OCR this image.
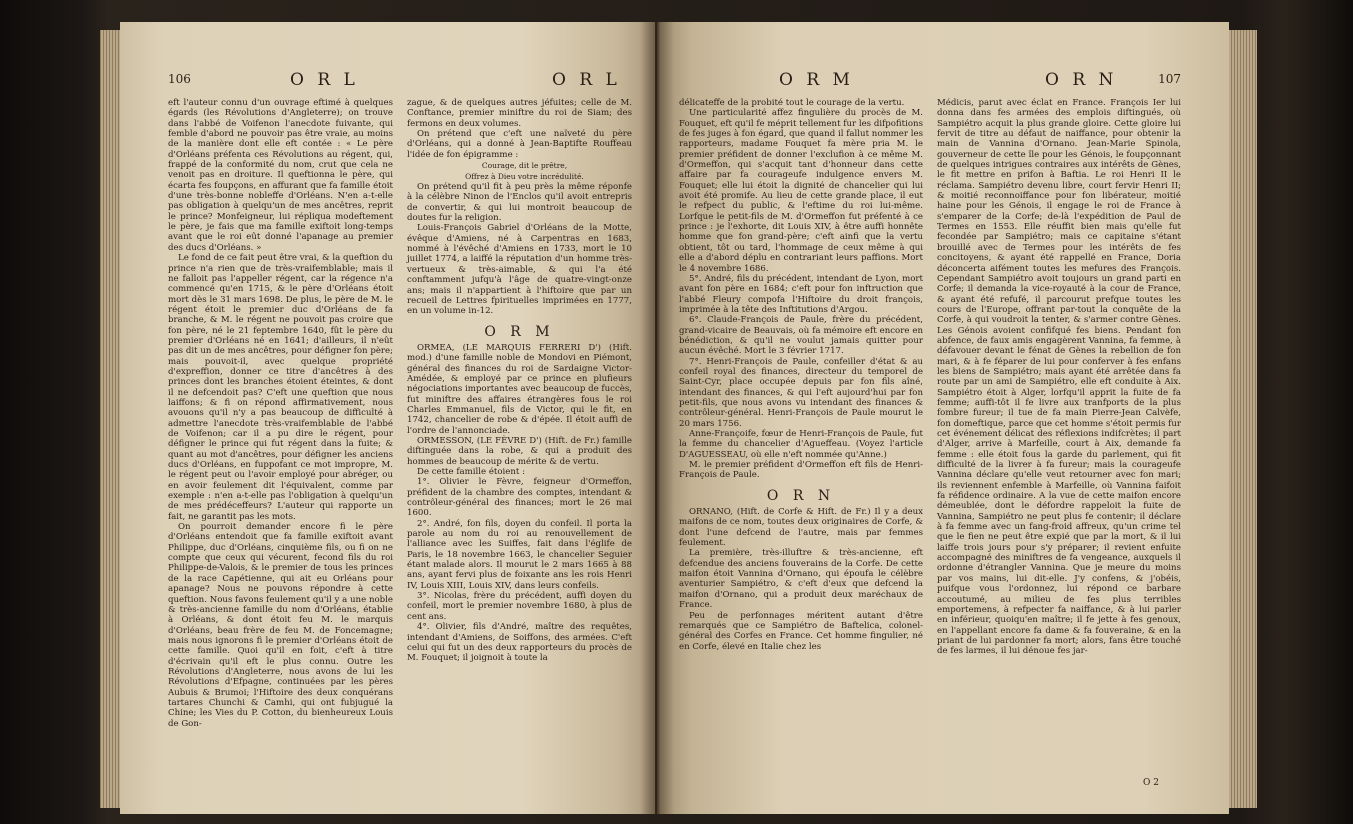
106	O R L	O R L

eft l'auteur connu d'un ouvrage eftimé à quelques égards (les Révolutions d'Angleterre); on trouve dans l'abbé de Voifenon l'anecdote fuivante, qui femble d'abord ne pouvoir pas être vraie, au moins de la manière dont elle eft contée : « Le père d'Orléans préfenta ces Révolutions au régent, qui, frappé de la conformité du nom, crut que cela ne venoit pas en droiture. Il queftionna le père, qui écarta fes foupçons, en affurant que fa famille étoit d'une très-bonne nobleffe d'Orléans. N'en a-t-elle pas obligation à quelqu'un de mes ancêtres, reprit le prince? Monfeigneur, lui répliqua modeftement le père, je fais que ma famille exiftoit long-temps avant que le roi eût donné l'apanage au premier des ducs d'Orléans. »

Le fond de ce fait peut être vrai, & la queftion du prince n'a rien que de très-vraifemblable; mais il ne falloit pas l'appeller régent, car la régence n'a commencé qu'en 1715, & le père d'Orléans étoit mort dès le 31 mars 1698. De plus, le père de M. le régent étoit le premier duc d'Orléans de fa branche, & M. le régent ne pouvoit pas croire que fon père, né le 21 feptembre 1640, fût le père du premier d'Orléans né en 1641; d'ailleurs, il n'eût pas dit un de mes ancêtres, pour défigner fon père; mais pouvoit-il, avec quelque propriété d'expreffion, donner ce titre d'ancêtres à des princes dont les branches étoient éteintes, & dont il ne defcendoit pas? C'eft une queftion que nous laiffons; & fi on répond affirmativement, nous avouons qu'il n'y a pas beaucoup de difficulté à admettre l'anecdote très-vraifemblable de l'abbé de Voifenon; car il a pu dire le régent, pour défigner le prince qui fut régent dans la fuite; & quant au mot d'ancêtres, pour défigner les anciens ducs d'Orléans, en fuppofant ce mot impropre, M. le régent peut ou l'avoir employé pour abréger, ou en avoir feulement dit l'équivalent, comme par exemple : n'en a-t-elle pas l'obligation à quelqu'un de mes prédéceffeurs? L'auteur qui rapporte un fait, ne garantit pas les mots.

On pourroit demander encore fi le père d'Orléans entendoit que fa famille exiftoit avant Philippe, duc d'Orléans, cinquième fils, ou fi on ne compte que ceux qui vécurent, fecond fils du roi Philippe-de-Valois, & le premier de tous les princes de la race Capétienne, qui ait eu Orléans pour apanage? Nous ne pouvons répondre à cette queftion. Nous favons feulement qu'il y a une noble & très-ancienne famille du nom d'Orléans, établie à Orléans, & dont étoit feu M. le marquis d'Orléans, beau frère de feu M. de Foncemagne; mais nous ignorons fi le premier d'Orléans étoit de cette famille. Quoi qu'il en foit, c'eft à titre d'écrivain qu'il eft le plus connu. Outre les Révolutions d'Angleterre, nous avons de lui les Révolutions d'Efpagne, continuées par les pères Aubuis & Brumoi; l'Hiftoire des deux conquérans tartares Chunchi & Camhi, qui ont fubjugué la Chine; les Vies du P. Cotton, du bienheureux Louis de Gon-

zague, & de quelques autres jéfuites; celle de M. Conftance, premier miniftre du roi de Siam; des fermons en deux volumes.

On prétend que c'eft une naïveté du père d'Orléans, qui a donné à Jean-Baptifte Rouffeau l'idée de fon épigramme :

Courage, dit le prêtre,

Offrez à Dieu votre incrédulité.

On prétend qu'il fit à peu près la même réponfe à la célèbre Ninon de l'Enclos qu'il avoit entrepris de convertir, & qui lui montroit beaucoup de doutes fur la religion.

Louis-François Gabriel d'Orléans de la Motte, évêque d'Amiens, né à Carpentras en 1683, nommé à l'évêché d'Amiens en 1733, mort le 10 juillet 1774, a laiffé la réputation d'un homme très-vertueux & très-aimable, & qui l'a été conftamment jufqu'à l'âge de quatre-vingt-onze ans; mais il n'appartient à l'hiftoire que par un recueil de Lettres fpirituelles imprimées en 1777, en un volume in-12.

O R M

ORMEA, (LE MARQUIS FERRERI D') (Hift. mod.) d'une famille noble de Mondovi en Piémont, général des finances du roi de Sardaigne Victor-Amédée, & employé par ce prince en plufieurs négociations importantes avec beaucoup de fuccès, fut miniftre des affaires étrangères fous le roi Charles Emmanuel, fils de Victor, qui le fit, en 1742, chancelier de robe & d'épée. Il étoit auffi de l'ordre de l'annonciade.

ORMESSON, (LE FÈVRE D') (Hift. de Fr.) famille diftinguée dans la robe, & qui a produit des hommes de beaucoup de mérite & de vertu.

De cette famille étoient :

1°. Olivier le Fèvre, feigneur d'Ormeffon, préfident de la chambre des comptes, intendant & contrôleur-général des finances; mort le 26 mai 1600.

2°. André, fon fils, doyen du confeil. Il porta la parole au nom du roi au renouvellement de l'alliance avec les Suiffes, fait dans l'églife de Paris, le 18 novembre 1663, le chancelier Seguier étant malade alors. Il mourut le 2 mars 1665 à 88 ans, ayant fervi plus de foixante ans les rois Henri IV, Louis XIII, Louis XIV, dans leurs confeils.

3°. Nicolas, frère du précédent, auffi doyen du confeil, mort le premier novembre 1680, à plus de cent ans.

4°. Olivier, fils d'André, maître des requêtes, intendant d'Amiens, de Soiffons, des armées. C'eft celui qui fut un des deux rapporteurs du procès de M. Fouquet; il joignoit à toute la

O R M	O R N	107

délicateffe de la probité tout le courage de la vertu.

Une particularité affez fingulière du procès de M. Fouquet, eft qu'il fe méprit tellement fur les difpofitions de fes juges à fon égard, que quand il fallut nommer les rapporteurs, madame Fouquet fa mère pria M. le premier préfident de donner l'exclufion à ce même M. d'Ormeffon, qui s'acquit tant d'honneur dans cette affaire par fa courageufe indulgence envers M. Fouquet; elle lui étoit la dignité de chancelier qui lui avoit été promife. Au lieu de cette grande place, il eut le refpect du public, & l'eftime du roi lui-même. Lorfque le petit-fils de M. d'Ormeffon fut préfenté à ce prince : je l'exhorte, dit Louis XIV, à être auffi honnête homme que fon grand-père; c'eft ainfi que la vertu obtient, tôt ou tard, l'hommage de ceux même à qui elle a d'abord déplu en contrariant leurs paffions. Mort le 4 novembre 1686.

5°. André, fils du précédent, intendant de Lyon, mort avant fon père en 1684; c'eft pour fon inftruction que l'abbé Fleury compofa l'Hiftoire du droit françois, imprimée à la tête des Inftitutions d'Argou.

6°. Claude-François de Paule, frère du précédent, grand-vicaire de Beauvais, où fa mémoire eft encore en bénédiction, & qu'il ne voulut jamais quitter pour aucun évêché. Mort le 3 février 1717.

7°. Henri-François de Paule, confeiller d'état & au confeil royal des finances, directeur du temporel de Saint-Cyr, place occupée depuis par fon fils aîné, intendant des finances, & qui l'eft aujourd'hui par fon petit-fils, que nous avons vu intendant des finances & contrôleur-général. Henri-François de Paule mourut le 20 mars 1756.

Anne-Françoife, fœur de Henri-François de Paule, fut la femme du chancelier d'Agueffeau. (Voyez l'article D'AGUESSEAU, où elle n'eft nommée qu'Anne.)

M. le premier préfident d'Ormeffon eft fils de Henri-François de Paule.

O R N

ORNANO, (Hift. de Corfe & Hift. de Fr.) Il y a deux maifons de ce nom, toutes deux originaires de Corfe, & dont l'une defcend de l'autre, mais par femmes feulement.

La première, très-illuftre & très-ancienne, eft defcendue des anciens fouverains de la Corfe. De cette maifon étoit Vannina d'Ornano, qui époufa le célèbre aventurier Sampiétro, & c'eft d'eux que defcend la maifon d'Ornano, qui a produit deux maréchaux de France.

Peu de perfonnages méritent autant d'être remarqués que ce Sampiétro de Baftelica, colonel-général des Corfes en France. Cet homme fingulier, né en Corfe, élevé en Italie chez les

Médicis, parut avec éclat en France. François Ier lui donna dans fes armées des emplois diftingués, où Sampiétro acquit la plus grande gloire. Cette gloire lui fervit de titre au défaut de naiffance, pour obtenir la main de Vannina d'Ornano. Jean-Marie Spinola, gouverneur de cette île pour les Génois, le foupçonnant de quelques intrigues contraires aux intérêts de Gènes, le fit mettre en prifon à Baftia. Le roi Henri II le réclama. Sampiétro devenu libre, court fervir Henri II; & moitié reconnoiffance pour fon libérateur, moitié haine pour les Génois, il engage le roi de France à s'emparer de la Corfe; de-là l'expédition de Paul de Termes en 1553. Elle réuffit bien mais qu'elle fut fecondée par Sampiétro; mais ce capitaine s'étant brouillé avec de Termes pour les intérêts de fes concitoyens, & ayant été rappellé en France, Doria déconcerta aifément toutes les mefures des François. Cependant Sampiétro avoit toujours un grand parti en Corfe; il demanda la vice-royauté à la cour de France, & ayant été refufé, il parcourut prefque toutes les cours de l'Europe, offrant par-tout la conquête de la Corfe, à qui voudroit la tenter, & s'armer contre Gènes. Les Génois avoient confifqué fes biens. Pendant fon abfence, de faux amis engagèrent Vannina, fa femme, à défavouer devant le fénat de Gènes la rebellion de fon mari, & à fe féparer de lui pour conferver à fes enfans les biens de Sampiétro; mais ayant été arrêtée dans fa route par un ami de Sampiétro, elle eft conduite à Aix. Sampiétro étoit à Alger, lorfqu'il apprit la fuite de fa femme; auffi-tôt il fe livre aux tranfports de la plus fombre fureur; il tue de fa main Pierre-Jean Calvèfe, fon domeftique, parce que cet homme s'étoit permis fur cet événement délicat des réflexions indifcrètes; il part d'Alger, arrive à Marfeille, court à Aix, demande fa femme : elle étoit fous la garde du parlement, qui fit difficulté de la livrer à fa fureur; mais la courageufe Vannina déclare qu'elle veut retourner avec fon mari; ils reviennent enfemble à Marfeille, où Vannina faifoit fa réfidence ordinaire. A la vue de cette maifon encore démeublée, dont le défordre rappeloit la fuite de Vannina, Sampiétro ne peut plus fe contenir; il déclare à fa femme avec un fang-froid affreux, qu'un crime tel que le fien ne peut être expié que par la mort, & il lui laiffe trois jours pour s'y préparer; il revient enfuite accompagné des miniftres de fa vengeance, auxquels il ordonne d'étrangler Vannina. Que je meure du moins par vos mains, lui dit-elle. J'y confens, & j'obéis, puifque vous l'ordonnez, lui répond ce barbare accoutumé, au milieu de fes plus terribles emportemens, à refpecter fa naiffance, & à lui parler en inférieur, quoiqu'en maître; il fe jette à fes genoux, en l'appellant encore fa dame & fa fouveraine, & en la priant de lui pardonner fa mort; alors, fans être touché de fes larmes, il lui dénoue fes jar-

O 2
